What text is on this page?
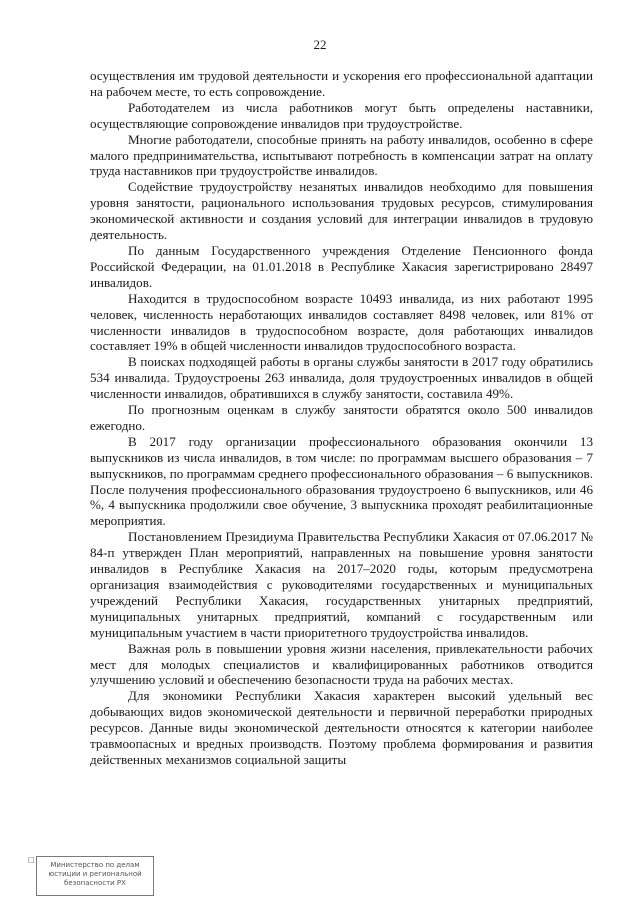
22

осуществления им трудовой деятельности и ускорения его профессиональной адаптации на рабочем месте, то есть сопровождение.

Работодателем из числа работников могут быть определены наставники, осуществляющие сопровождение инвалидов при трудоустройстве.

Многие работодатели, способные принять на работу инвалидов, особенно в сфере малого предпринимательства, испытывают потребность в компенсации затрат на оплату труда наставников при трудоустройстве инвалидов.

Содействие трудоустройству незанятых инвалидов необходимо для повышения уровня занятости, рационального использования трудовых ресурсов, стимулирования экономической активности и создания условий для интеграции инвалидов в трудовую деятельность.

По данным Государственного учреждения Отделение Пенсионного фонда Российской Федерации, на 01.01.2018 в Республике Хакасия зарегистрировано 28497 инвалидов.

Находится в трудоспособном возрасте 10493 инвалида, из них работают 1995 человек, численность неработающих инвалидов составляет 8498 человек, или 81% от численности инвалидов в трудоспособном возрасте, доля работающих инвалидов составляет 19% в общей численности инвалидов трудоспособного возраста.

В поисках подходящей работы в органы службы занятости в 2017 году обратились 534 инвалида. Трудоустроены 263 инвалида, доля трудоустроенных инвалидов в общей численности инвалидов, обратившихся в службу занятости, составила 49%.

По прогнозным оценкам в службу занятости обратятся около 500 инвалидов ежегодно.

В 2017 году организации профессионального образования окончили 13 выпускников из числа инвалидов, в том числе: по программам высшего образования – 7 выпускников, по программам среднего профессионального образования – 6 выпускников. После получения профессионального образования трудоустроено 6 выпускников, или 46 %, 4 выпускника продолжили свое обучение, 3 выпускника проходят реабилитационные мероприятия.

Постановлением Президиума Правительства Республики Хакасия от 07.06.2017 № 84-п утвержден План мероприятий, направленных на повышение уровня занятости инвалидов в Республике Хакасия на 2017–2020 годы, которым предусмотрена организация взаимодействия с руководителями государственных и муниципальных учреждений Республики Хакасия, государственных унитарных предприятий, муниципальных унитарных предприятий, компаний с государственным или муниципальным участием в части приоритетного трудоустройства инвалидов.

Важная роль в повышении уровня жизни населения, привлекательности рабочих мест для молодых специалистов и квалифицированных работников отводится улучшению условий и обеспечению безопасности труда на рабочих местах.

Для экономики Республики Хакасия характерен высокий удельный вес добывающих видов экономической деятельности и первичной переработки природных ресурсов. Данные виды экономической деятельности относятся к категории наиболее травмоопасных и вредных производств. Поэтому проблема формирования и развития действенных механизмов социальной защиты

□
Министерство по делам
юстиции и региональной
безопасности РХ
